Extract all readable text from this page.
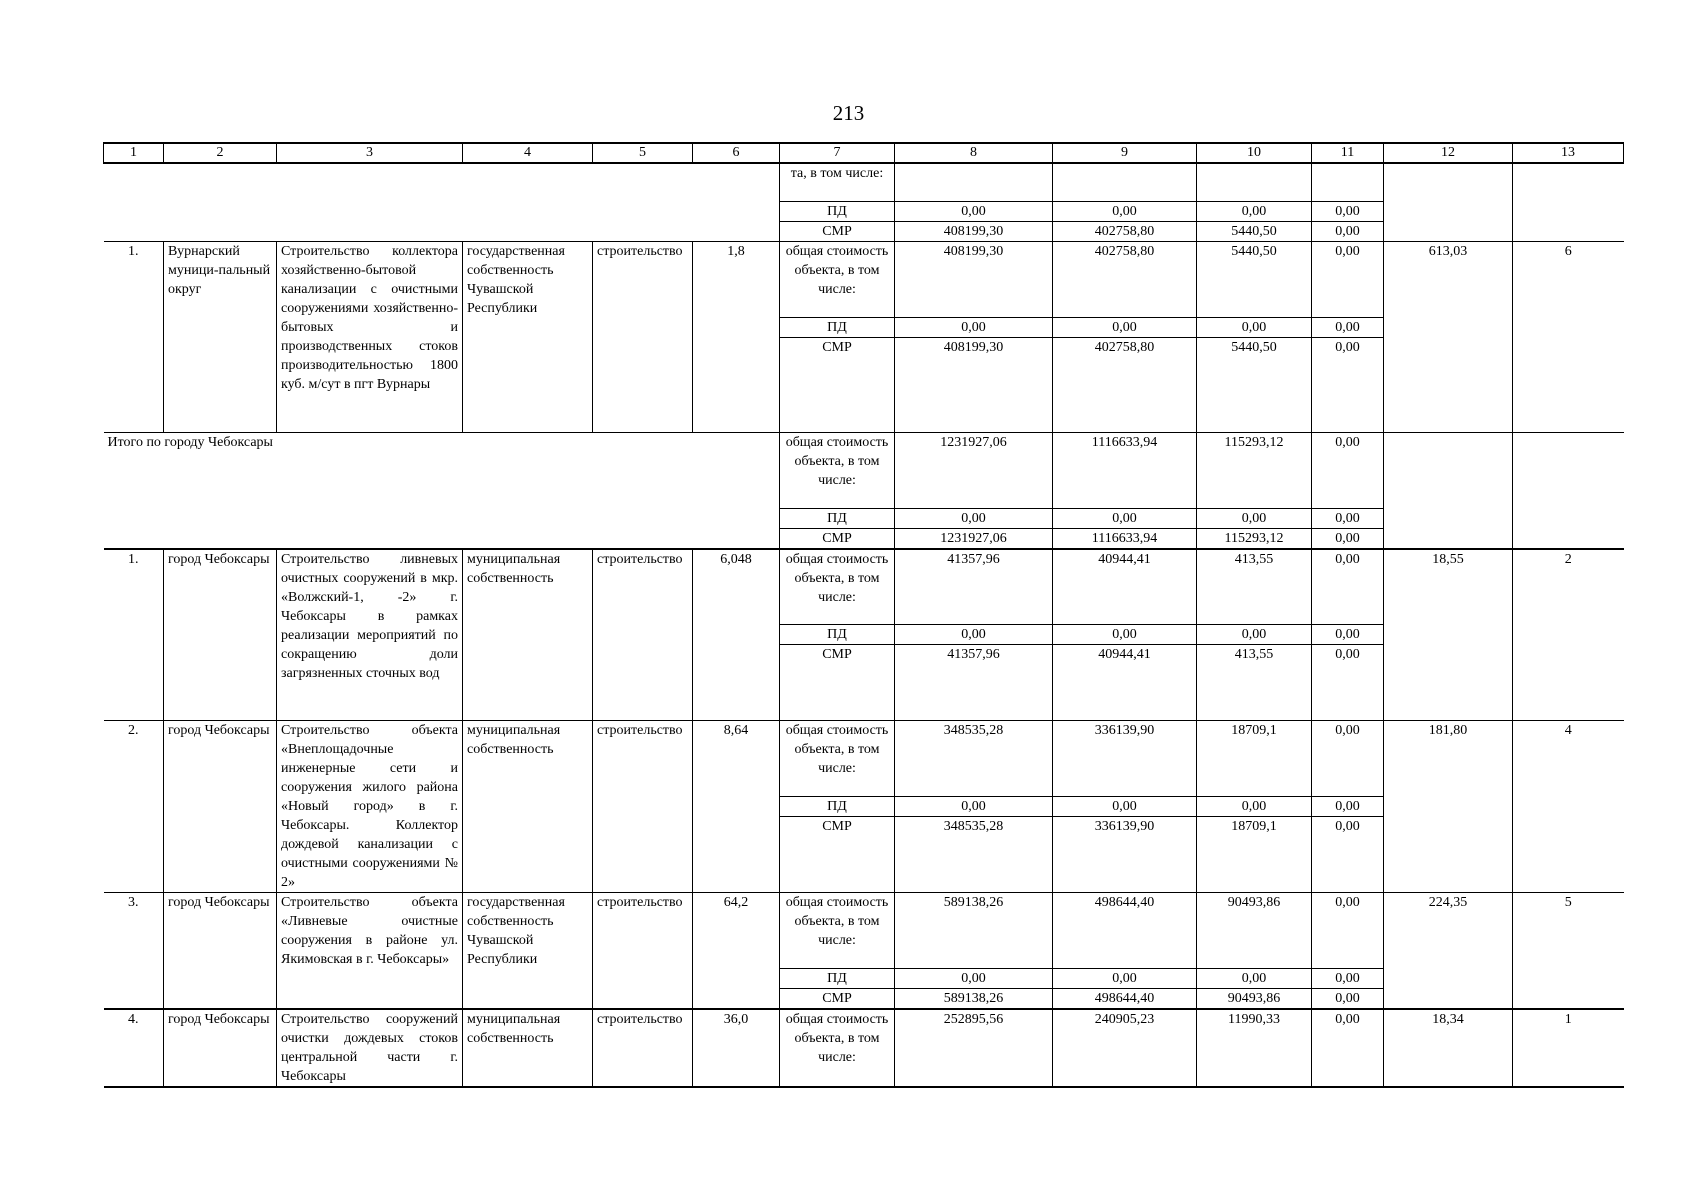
213
1	2	3	4	5	6	7	8	9	10	11	12	13
						та, в том числе:						
						ПД	0,00	0,00	0,00	0,00		
						СМР	408199,30	402758,80	5440,50	0,00		
1.	Вурнарский муници-пальный округ	Строительство коллектора хозяйственно-бытовой канализации с очистными сооружениями хозяйственно-бытовых и производственных стоков производительностью 1800 куб. м/сут в пгт Вурнары	государственная собственность Чувашской Республики	строительство	1,8	общая стоимость объекта, в том числе:	408199,30	402758,80	5440,50	0,00	613,03	6
						ПД	0,00	0,00	0,00	0,00		
						СМР	408199,30	402758,80	5440,50	0,00		
Итого по городу Чебоксары						общая стоимость объекта, в том числе:	1231927,06	1116633,94	115293,12	0,00		
						ПД	0,00	0,00	0,00	0,00		
						СМР	1231927,06	1116633,94	115293,12	0,00		
1.	город Чебоксары	Строительство ливневых очистных сооружений в мкр. «Волжский-1, -2» г. Чебоксары в рамках реализации мероприятий по сокращению доли загрязненных сточных вод	муниципальная собственность	строительство	6,048	общая стоимость объекта, в том числе:	41357,96	40944,41	413,55	0,00	18,55	2
						ПД	0,00	0,00	0,00	0,00		
						СМР	41357,96	40944,41	413,55	0,00		
2.	город Чебоксары	Строительство объекта «Внеплощадочные инженерные сети и сооружения жилого района «Новый город» в г. Чебоксары. Коллектор дождевой канализации с очистными сооружениями № 2»	муниципальная собственность	строительство	8,64	общая стоимость объекта, в том числе:	348535,28	336139,90	18709,1	0,00	181,80	4
						ПД	0,00	0,00	0,00	0,00		
						СМР	348535,28	336139,90	18709,1	0,00		
3.	город Чебоксары	Строительство объекта «Ливневые очистные сооружения в районе ул. Якимовская в г. Чебоксары»	государственная собственность Чувашской Республики	строительство	64,2	общая стоимость объекта, в том числе:	589138,26	498644,40	90493,86	0,00	224,35	5
						ПД	0,00	0,00	0,00	0,00		
						СМР	589138,26	498644,40	90493,86	0,00		
4.	город Чебоксары	Строительство сооружений очистки дождевых стоков центральной части г. Чебоксары	муниципальная собственность	строительство	36,0	общая стоимость объекта, в том числе:	252895,56	240905,23	11990,33	0,00	18,34	1
